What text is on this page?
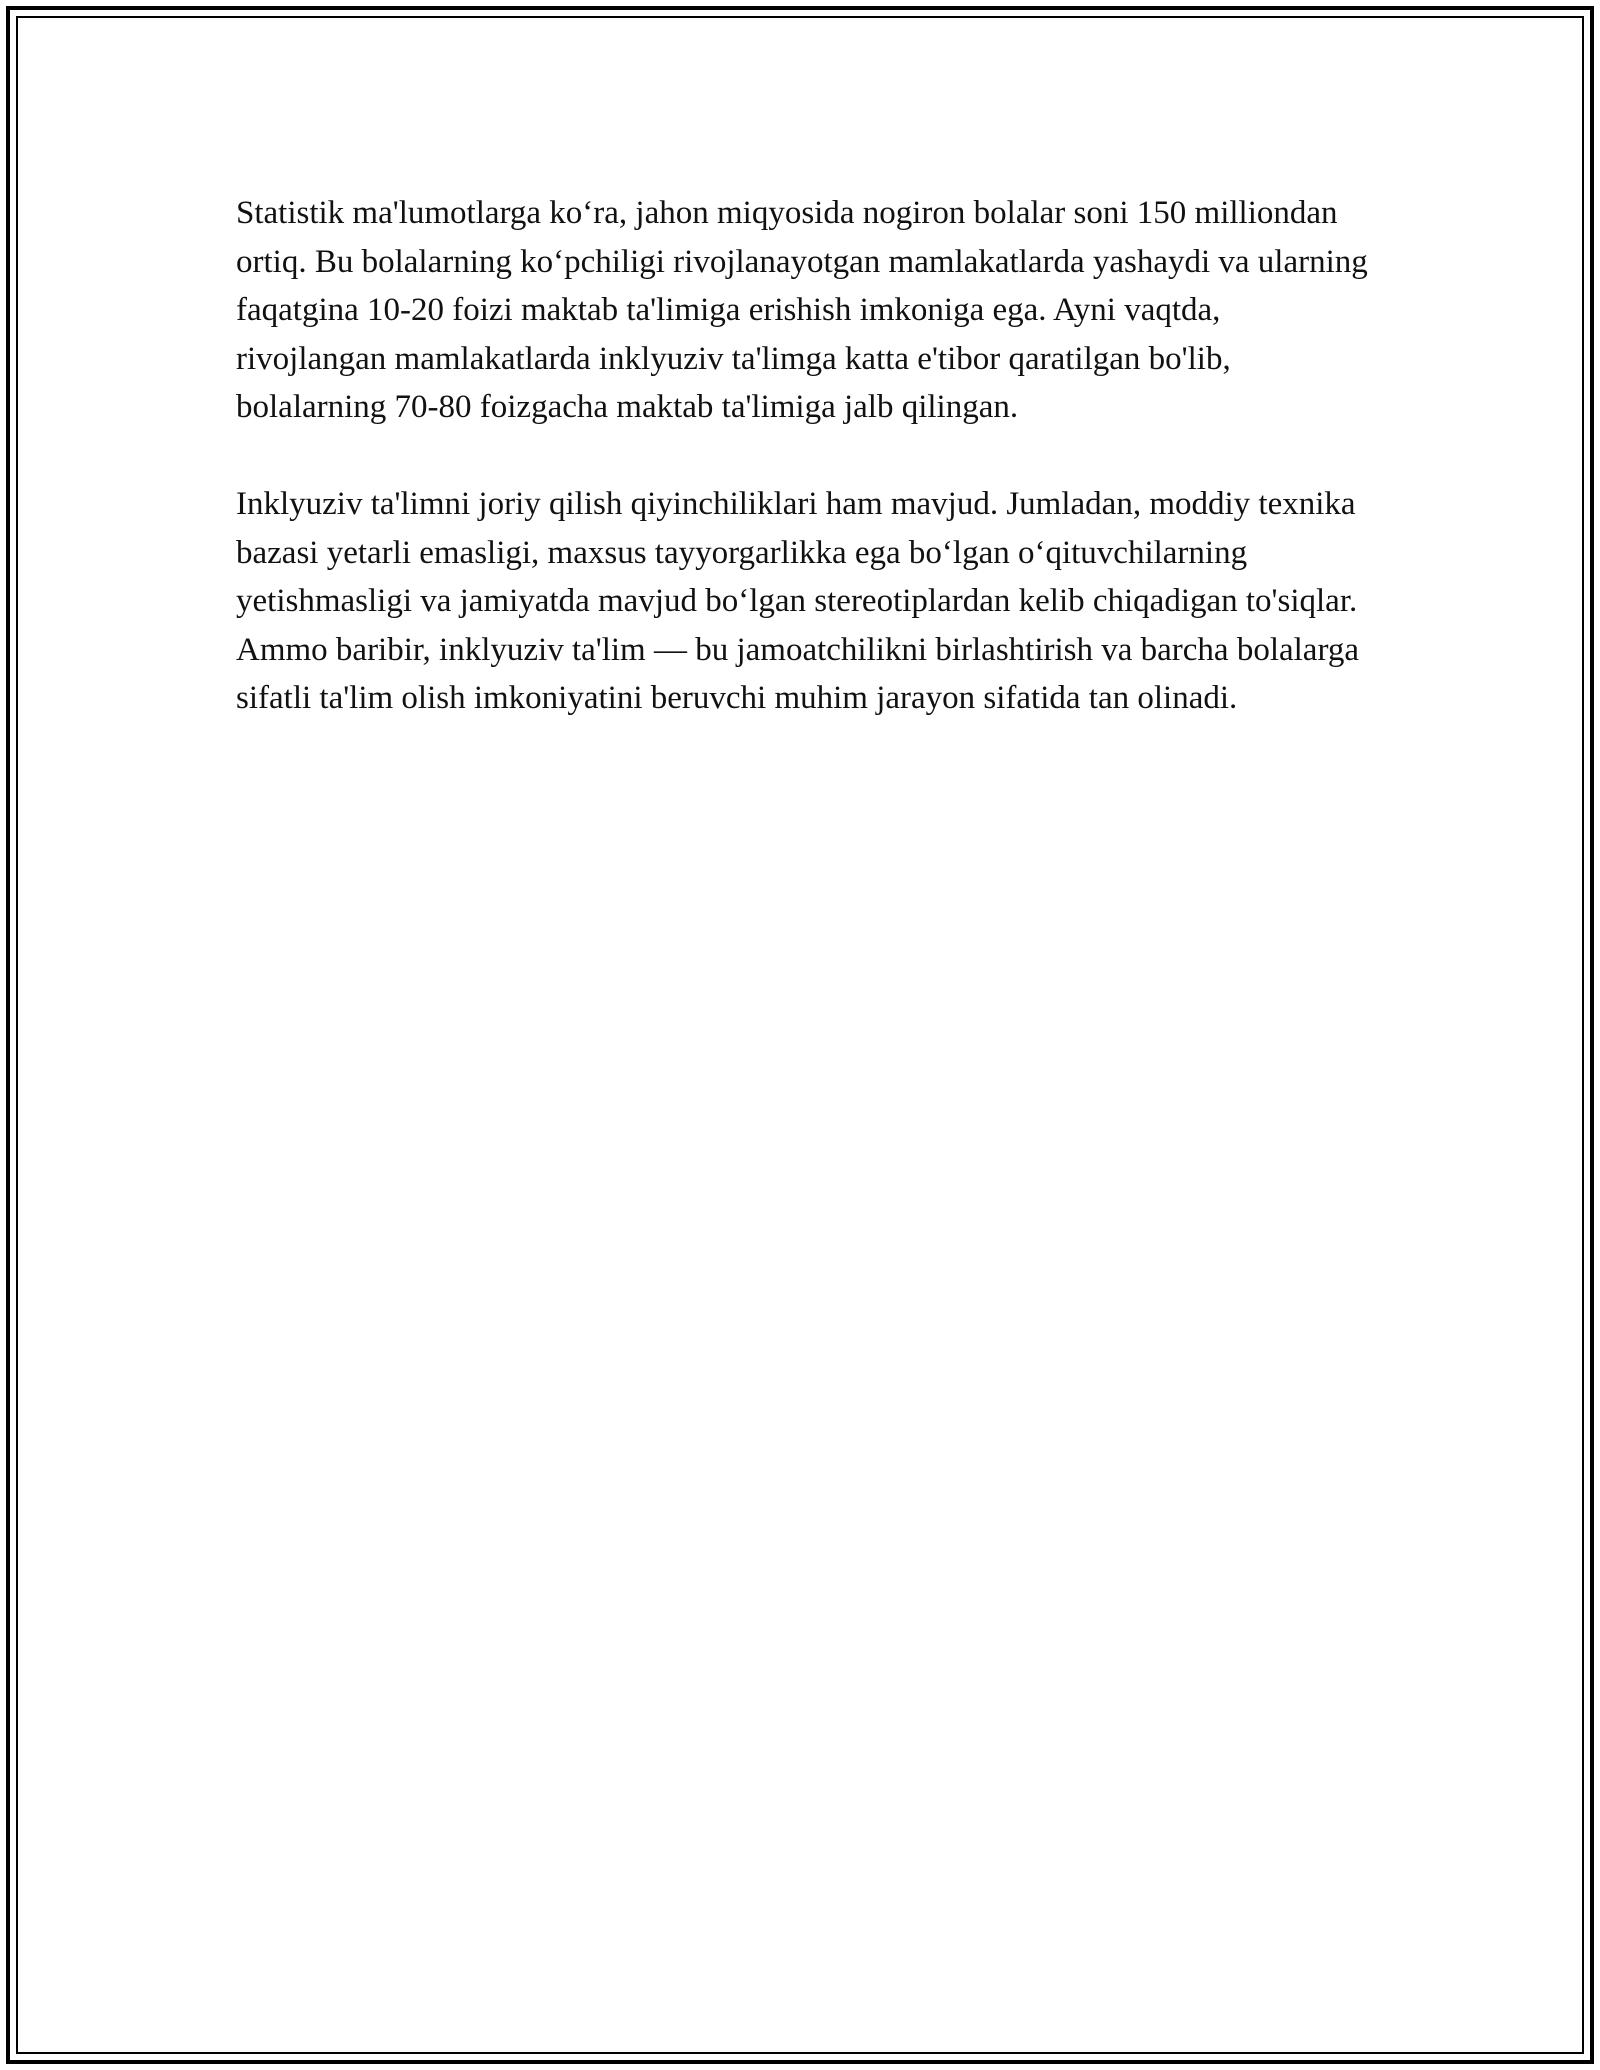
Statistik ma'lumotlarga ko‘ra, jahon miqyosida nogiron bolalar soni 150 milliondan ortiq. Bu bolalarning ko‘pchiligi rivojlanayotgan mamlakatlarda yashaydi va ularning faqatgina 10-20 foizi maktab ta'limiga erishish imkoniga ega. Ayni vaqtda, rivojlangan mamlakatlarda inklyuziv ta'limga katta e'tibor qaratilgan bo'lib, bolalarning 70-80 foizgacha maktab ta'limiga jalb qilingan.

Inklyuziv ta'limni joriy qilish qiyinchiliklari ham mavjud. Jumladan, moddiy texnika bazasi yetarli emasligi, maxsus tayyorgarlikka ega bo‘lgan o‘qituvchilarning yetishmasligi va jamiyatda mavjud bo‘lgan stereotiplardan kelib chiqadigan to'siqlar. Ammo baribir, inklyuziv ta'lim — bu jamoatchilikni birlashtirish va barcha bolalarga sifatli ta'lim olish imkoniyatini beruvchi muhim jarayon sifatida tan olinadi.
